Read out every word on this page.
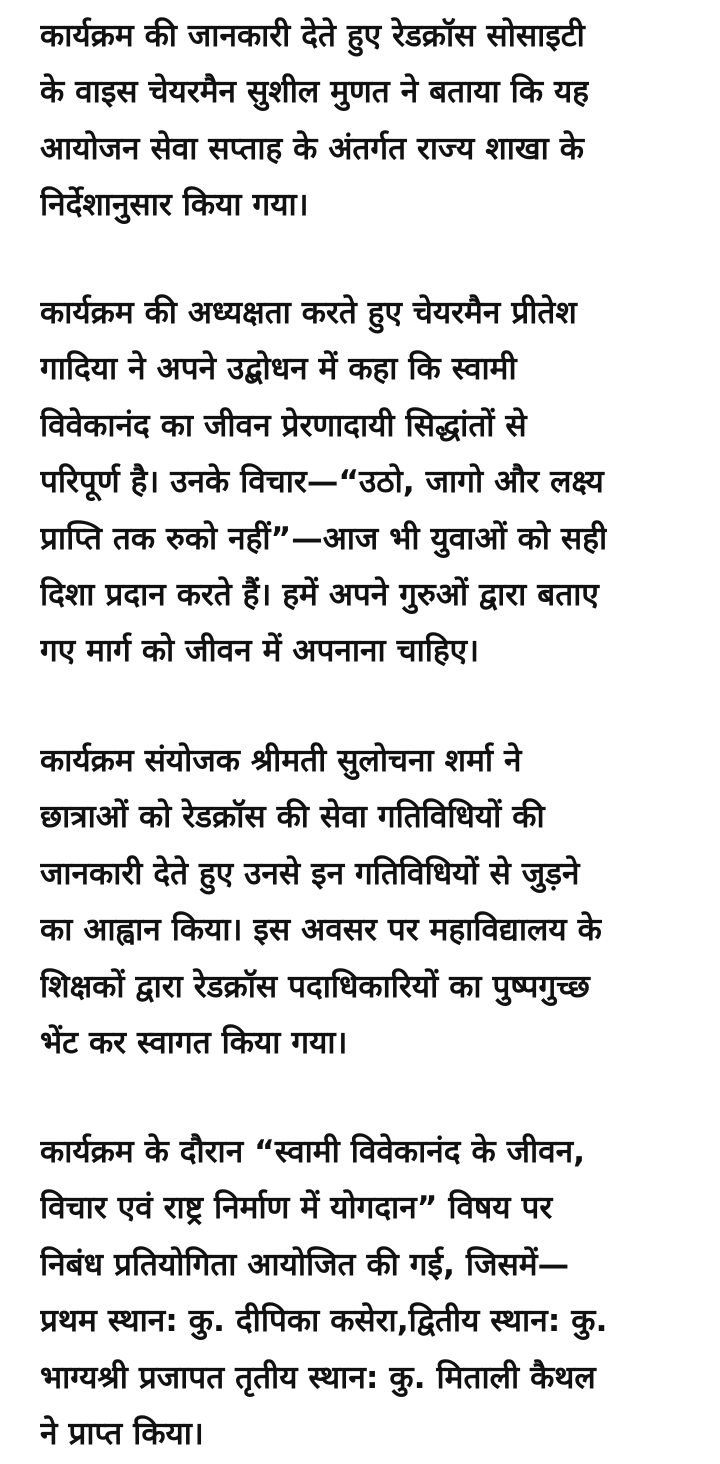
कार्यक्रम की जानकारी देते हुए रेडक्रॉस सोसाइटी
के वाइस चेयरमैन सुशील मुणत ने बताया कि यह
आयोजन सेवा सप्ताह के अंतर्गत राज्य शाखा के
निर्देशानुसार किया गया।

कार्यक्रम की अध्यक्षता करते हुए चेयरमैन प्रीतेश
गादिया ने अपने उद्बोधन में कहा कि स्वामी
विवेकानंद का जीवन प्रेरणादायी सिद्धांतों से
परिपूर्ण है। उनके विचार—“उठो, जागो और लक्ष्य
प्राप्ति तक रुको नहीं”—आज भी युवाओं को सही
दिशा प्रदान करते हैं। हमें अपने गुरुओं द्वारा बताए
गए मार्ग को जीवन में अपनाना चाहिए।

कार्यक्रम संयोजक श्रीमती सुलोचना शर्मा ने
छात्राओं को रेडक्रॉस की सेवा गतिविधियों की
जानकारी देते हुए उनसे इन गतिविधियों से जुड़ने
का आह्वान किया। इस अवसर पर महाविद्यालय के
शिक्षकों द्वारा रेडक्रॉस पदाधिकारियों का पुष्पगुच्छ
भेंट कर स्वागत किया गया।

कार्यक्रम के दौरान “स्वामी विवेकानंद के जीवन,
विचार एवं राष्ट्र निर्माण में योगदान” विषय पर
निबंध प्रतियोगिता आयोजित की गई, जिसमें—
प्रथम स्थान: कु. दीपिका कसेरा,द्वितीय स्थान: कु.
भाग्यश्री प्रजापत तृतीय स्थान: कु. मिताली कैथल
ने प्राप्त किया।
